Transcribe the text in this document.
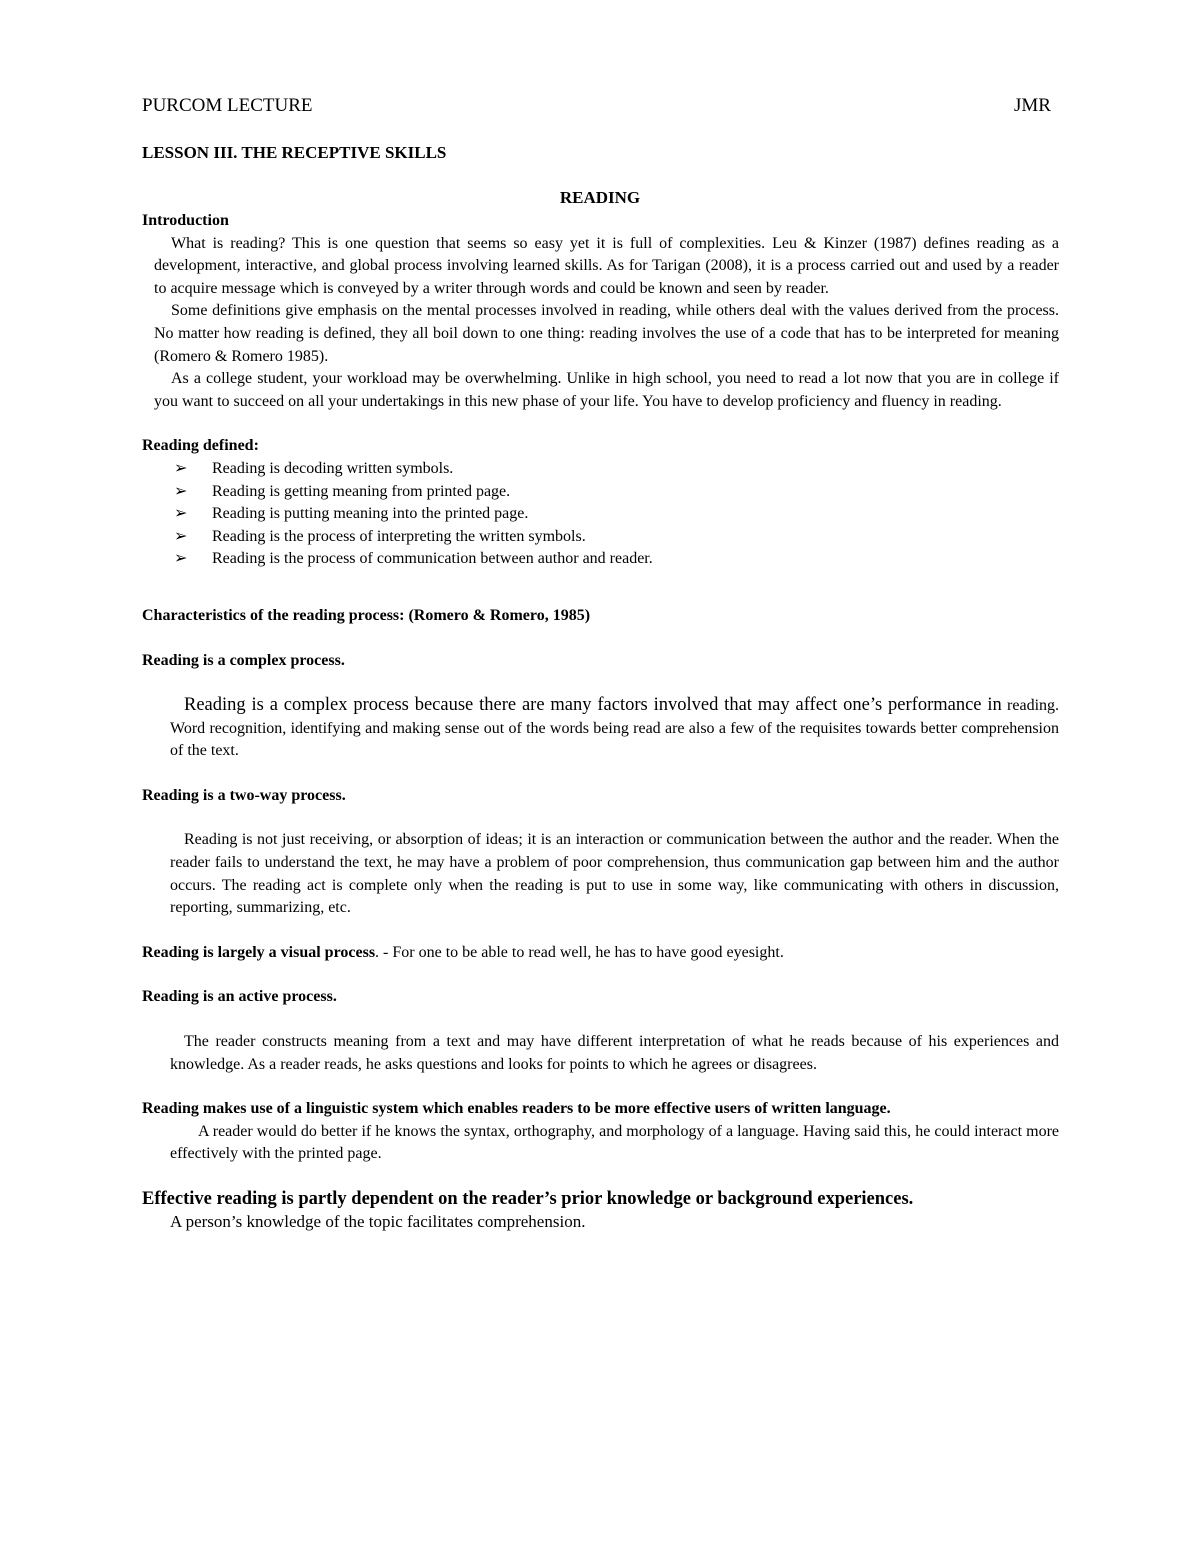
PURCOM LECTURE	JMR
LESSON III. THE RECEPTIVE SKILLS
READING
Introduction

What is reading? This is one question that seems so easy yet it is full of complexities. Leu & Kinzer (1987) defines reading as a development, interactive, and global process involving learned skills. As for Tarigan (2008), it is a process carried out and used by a reader to acquire message which is conveyed by a writer through words and could be known and seen by reader.

Some definitions give emphasis on the mental processes involved in reading, while others deal with the values derived from the process. No matter how reading is defined, they all boil down to one thing: reading involves the use of a code that has to be interpreted for meaning (Romero & Romero 1985).

As a college student, your workload may be overwhelming. Unlike in high school, you need to read a lot now that you are in college if you want to succeed on all your undertakings in this new phase of your life. You have to develop proficiency and fluency in reading.

Reading defined:
➢ Reading is decoding written symbols.
➢ Reading is getting meaning from printed page.
➢ Reading is putting meaning into the printed page.
➢ Reading is the process of interpreting the written symbols.
➢ Reading is the process of communication between author and reader.
Characteristics of the reading process: (Romero & Romero, 1985)
Reading is a complex process.

Reading is a complex process because there are many factors involved that may affect one’s performance in reading. Word recognition, identifying and making sense out of the words being read are also a few of the requisites towards better comprehension of the text.

Reading is a two-way process.

Reading is not just receiving, or absorption of ideas; it is an interaction or communication between the author and the reader. When the reader fails to understand the text, he may have a problem of poor comprehension, thus communication gap between him and the author occurs. The reading act is complete only when the reading is put to use in some way, like communicating with others in discussion, reporting, summarizing, etc.

Reading is largely a visual process. - For one to be able to read well, he has to have good eyesight.
Reading is an active process.

The reader constructs meaning from a text and may have different interpretation of what he reads because of his experiences and knowledge. As a reader reads, he asks questions and looks for points to which he agrees or disagrees.

Reading makes use of a linguistic system which enables readers to be more effective users of written language.

A reader would do better if he knows the syntax, orthography, and morphology of a language. Having said this, he could interact more effectively with the printed page.

Effective reading is partly dependent on the reader’s prior knowledge or background experiences.

A person’s knowledge of the topic facilitates comprehension.
